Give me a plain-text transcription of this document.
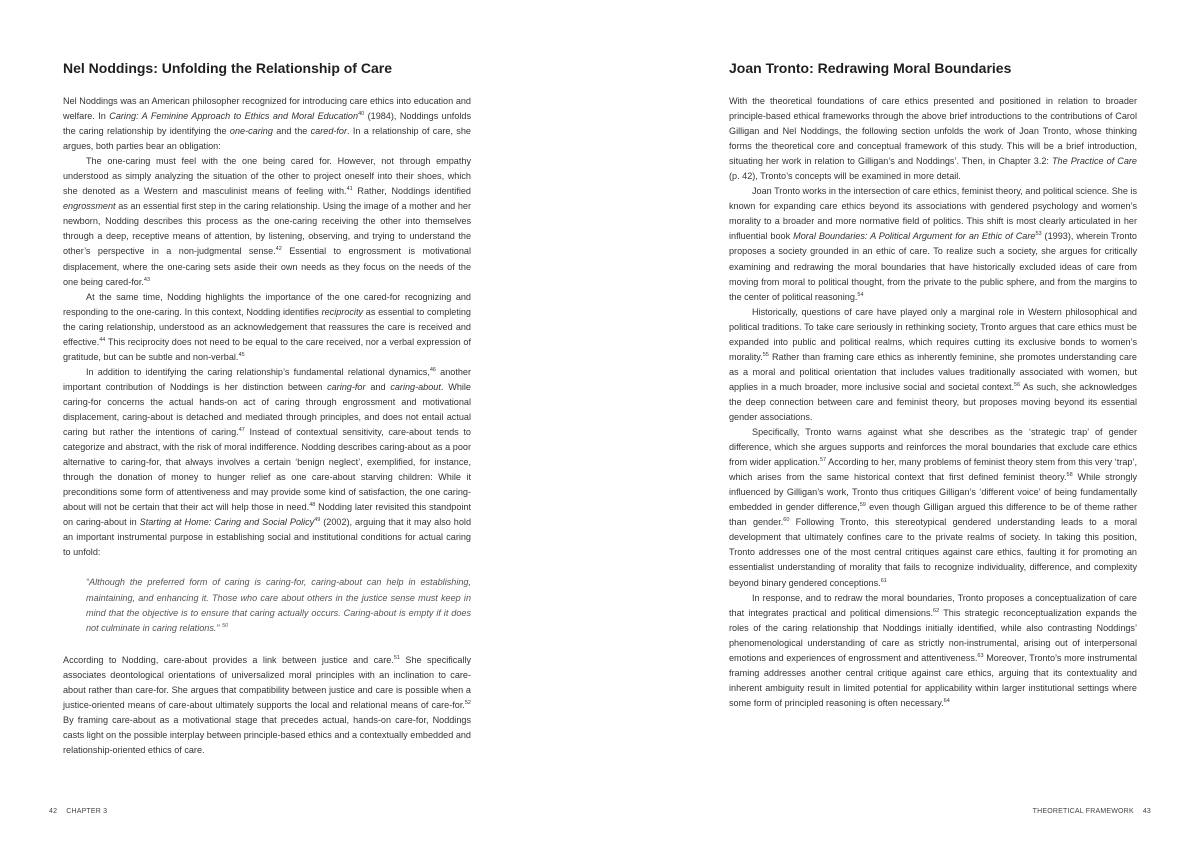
Nel Noddings: Unfolding the Relationship of Care

Nel Noddings was an American philosopher recognized for introducing care ethics into education and welfare. In Caring: A Feminine Approach to Ethics and Moral Education$^{40}$ (1984), Noddings unfolds the caring relationship by identifying the one-caring and the cared-for. In a relationship of care, she argues, both parties bear an obligation:

The one-caring must feel with the one being cared for. However, not through empathy understood as simply analyzing the situation of the other to project oneself into their shoes, which she denoted as a Western and masculinist means of feeling with.$^{41}$ Rather, Noddings identified engrossment as an essential first step in the caring relationship. Using the image of a mother and her newborn, Nodding describes this process as the one-caring receiving the other into themselves through a deep, receptive means of attention, by listening, observing, and trying to understand the other’s perspective in a non-judgmental sense.$^{42}$ Essential to engrossment is motivational displacement, where the one-caring sets aside their own needs as they focus on the needs of the one being cared-for.$^{43}$

At the same time, Nodding highlights the importance of the one cared-for recognizing and responding to the one-caring. In this context, Nodding identifies reciprocity as essential to completing the caring relationship, understood as an acknowledgement that reassures the care is received and effective.$^{44}$ This reciprocity does not need to be equal to the care received, nor a verbal expression of gratitude, but can be subtle and non-verbal.$^{45}$

In addition to identifying the caring relationship’s fundamental relational dynamics,$^{46}$ another important contribution of Noddings is her distinction between caring-for and caring-about. While caring-for concerns the actual hands-on act of caring through engrossment and motivational displacement, caring-about is detached and mediated through principles, and does not entail actual caring but rather the intentions of caring.$^{47}$ Instead of contextual sensitivity, care-about tends to categorize and abstract, with the risk of moral indifference. Nodding describes caring-about as a poor alternative to caring-for, that always involves a certain ‘benign neglect’, exemplified, for instance, through the donation of money to hunger relief as one care-about starving children: While it preconditions some form of attentiveness and may provide some kind of satisfaction, the one caring-about will not be certain that their act will help those in need.$^{48}$ Nodding later revisited this standpoint on caring-about in Starting at Home: Caring and Social Policy$^{49}$ (2002), arguing that it may also hold an important instrumental purpose in establishing social and institutional conditions for actual caring to unfold:

“Although the preferred form of caring is caring-for, caring-about can help in establishing, maintaining, and enhancing it. Those who care about others in the justice sense must keep in mind that the objective is to ensure that caring actually occurs. Caring-about is empty if it does not culminate in caring relations.” $^{50}$

According to Nodding, care-about provides a link between justice and care.$^{51}$ She specifically associates deontological orientations of universalized moral principles with an inclination to care-about rather than care-for. She argues that compatibility between justice and care is possible when a justice-oriented means of care-about ultimately supports the local and relational means of care-for.$^{52}$ By framing care-about as a motivational stage that precedes actual, hands-on care-for, Noddings casts light on the possible interplay between principle-based ethics and a contextually embedded and relationship-oriented ethics of care.

42 CHAPTER 3
Joan Tronto: Redrawing Moral Boundaries

With the theoretical foundations of care ethics presented and positioned in relation to broader principle-based ethical frameworks through the above brief introductions to the contributions of Carol Gilligan and Nel Noddings, the following section unfolds the work of Joan Tronto, whose thinking forms the theoretical core and conceptual framework of this study. This will be a brief introduction, situating her work in relation to Gilligan’s and Noddings’. Then, in Chapter 3.2: The Practice of Care (p. 42), Tronto’s concepts will be examined in more detail.

Joan Tronto works in the intersection of care ethics, feminist theory, and political science. She is known for expanding care ethics beyond its associations with gendered psychology and women’s morality to a broader and more normative field of politics. This shift is most clearly articulated in her influential book Moral Boundaries: A Political Argument for an Ethic of Care$^{53}$ (1993), wherein Tronto proposes a society grounded in an ethic of care. To realize such a society, she argues for critically examining and redrawing the moral boundaries that have historically excluded ideas of care from moving from moral to political thought, from the private to the public sphere, and from the margins to the center of political reasoning.$^{54}$

Historically, questions of care have played only a marginal role in Western philosophical and political traditions. To take care seriously in rethinking society, Tronto argues that care ethics must be expanded into public and political realms, which requires cutting its exclusive bonds to women’s morality.$^{55}$ Rather than framing care ethics as inherently feminine, she promotes understanding care as a moral and political orientation that includes values traditionally associated with women, but applies in a much broader, more inclusive social and societal context.$^{56}$ As such, she acknowledges the deep connection between care and feminist theory, but proposes moving beyond its essential gender associations.

Specifically, Tronto warns against what she describes as the ‘strategic trap’ of gender difference, which she argues supports and reinforces the moral boundaries that exclude care ethics from wider application.$^{57}$ According to her, many problems of feminist theory stem from this very ‘trap’, which arises from the same historical context that first defined feminist theory.$^{58}$ While strongly influenced by Gilligan’s work, Tronto thus critiques Gilligan’s ‘different voice’ of being fundamentally embedded in gender difference,$^{59}$ even though Gilligan argued this difference to be of theme rather than gender.$^{60}$ Following Tronto, this stereotypical gendered understanding leads to a moral development that ultimately confines care to the private realms of society. In taking this position, Tronto addresses one of the most central critiques against care ethics, faulting it for promoting an essentialist understanding of morality that fails to recognize individuality, difference, and complexity beyond binary gendered conceptions.$^{61}$

In response, and to redraw the moral boundaries, Tronto proposes a conceptualization of care that integrates practical and political dimensions.$^{62}$ This strategic reconceptualization expands the roles of the caring relationship that Noddings initially identified, while also contrasting Noddings’ phenomenological understanding of care as strictly non-instrumental, arising out of interpersonal emotions and experiences of engrossment and attentiveness.$^{63}$ Moreover, Tronto’s more instrumental framing addresses another central critique against care ethics, arguing that its contextuality and inherent ambiguity result in limited potential for applicability within larger institutional settings where some form of principled reasoning is often necessary.$^{64}$

THEORETICAL FRAMEWORK 43
